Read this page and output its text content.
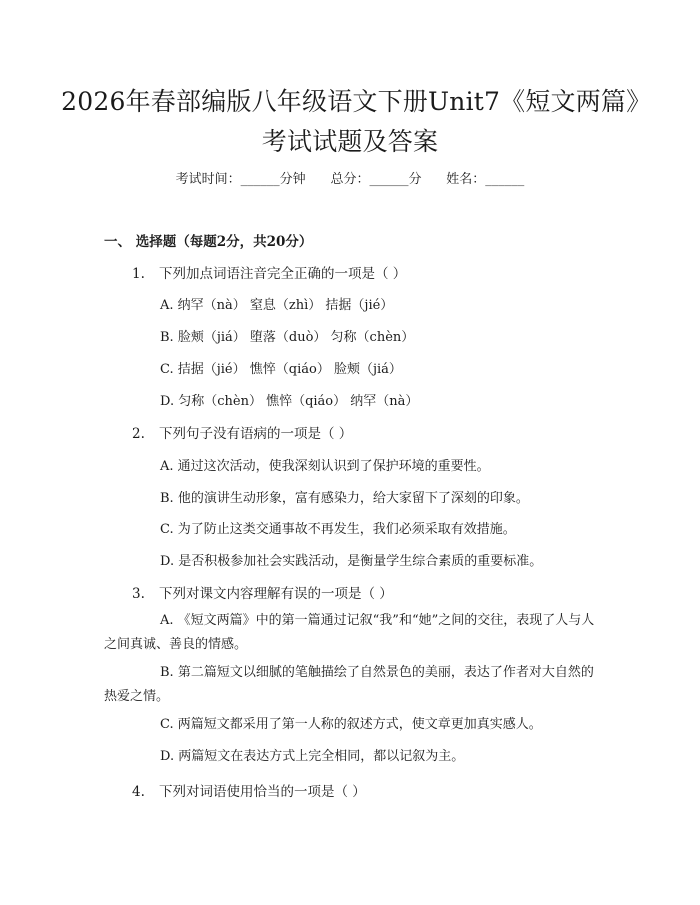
2026年春部编版八年级语文下册Unit7《短文两篇》考试试题及答案
考试时间：______分钟 总分：______分 姓名：______
一、 选择题（每题2分，共20分）
1. 下列加点词语注音完全正确的一项是（ ）
A. 纳罕（nà） 窒息（zhì） 拮据（jié）
B. 脸颊（jiá） 堕落（duò） 匀称（chèn）
C. 拮据（jié） 憔悴（qiáo） 脸颊（jiá）
D. 匀称（chèn） 憔悴（qiáo） 纳罕（nà）
2. 下列句子没有语病的一项是（ ）
A. 通过这次活动，使我深刻认识到了保护环境的重要性。
B. 他的演讲生动形象，富有感染力，给大家留下了深刻的印象。
C. 为了防止这类交通事故不再发生，我们必须采取有效措施。
D. 是否积极参加社会实践活动，是衡量学生综合素质的重要标准。
3. 下列对课文内容理解有误的一项是（ ）
A. 《短文两篇》中的第一篇通过记叙“我”和“她”之间的交往，表现了人与人之间真诚、善良的情感。
B. 第二篇短文以细腻的笔触描绘了自然景色的美丽，表达了作者对大自然的热爱之情。
C. 两篇短文都采用了第一人称的叙述方式，使文章更加真实感人。
D. 两篇短文在表达方式上完全相同，都以记叙为主。
4. 下列对词语使用恰当的一项是（ ）
